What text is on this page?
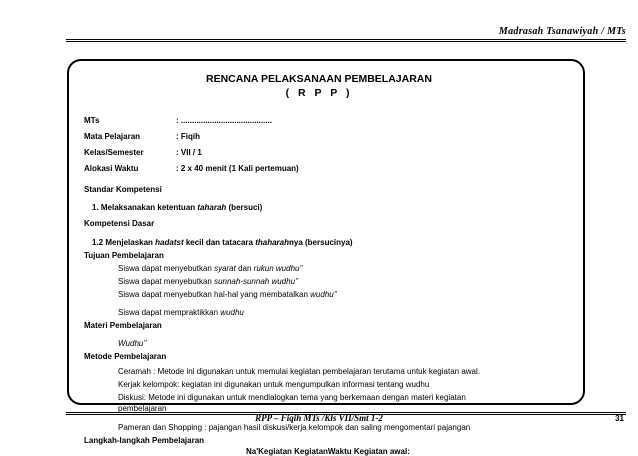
Madrasah Tsanawiyah / MTs
RENCANA PELAKSANAAN PEMBELAJARAN
( R P P )
MTs	: .........................................
Mata Pelajaran	: Fiqih
Kelas/Semester	: VII / 1
Alokasi Waktu	: 2 x 40 menit (1 Kali pertemuan)
Standar Kompetensi
1. Melaksanakan ketentuan taharah (bersuci)
Kompetensi Dasar
1.2 Menjelaskan hadatst kecil dan tatacara thaharahnya (bersucinya)
Tujuan Pembelajaran
Siswa dapat menyebutkan syarat dan rukun wudhu’’
Siswa dapat menyebutkan sunnah-sunnah wudhu’’
Siswa dapat menyebutkan hal-hal yang membatalkan wudhu’’
Siswa dapat mempraktikkan wudhu
Materi Pembelajaran
Wudhu’’
Metode Pembelajaran
Ceramah : Metode ini digunakan untuk memulai kegiatan pembelajaran terutama untuk kegiatan awal.
Kerjak kelompok: kegiatan ini digunakan untuk mengumpulkan informasi tentang wudhu
Diskusi: Metode ini digunakan untuk mendialogkan tema yang berkemaan dengan materi kegiatan
pembelajaran
RPP – Fiqih MTs /Kls VII/Smt 1-2	31
Pameran dan Shopping : pajangan hasil diskusi/kerja kelompok dan saling mengomentari pajangan
Langkah-langkah Pembelajaran
Na'Kegiatan KegiatanWaktu Kegiatan awal:
